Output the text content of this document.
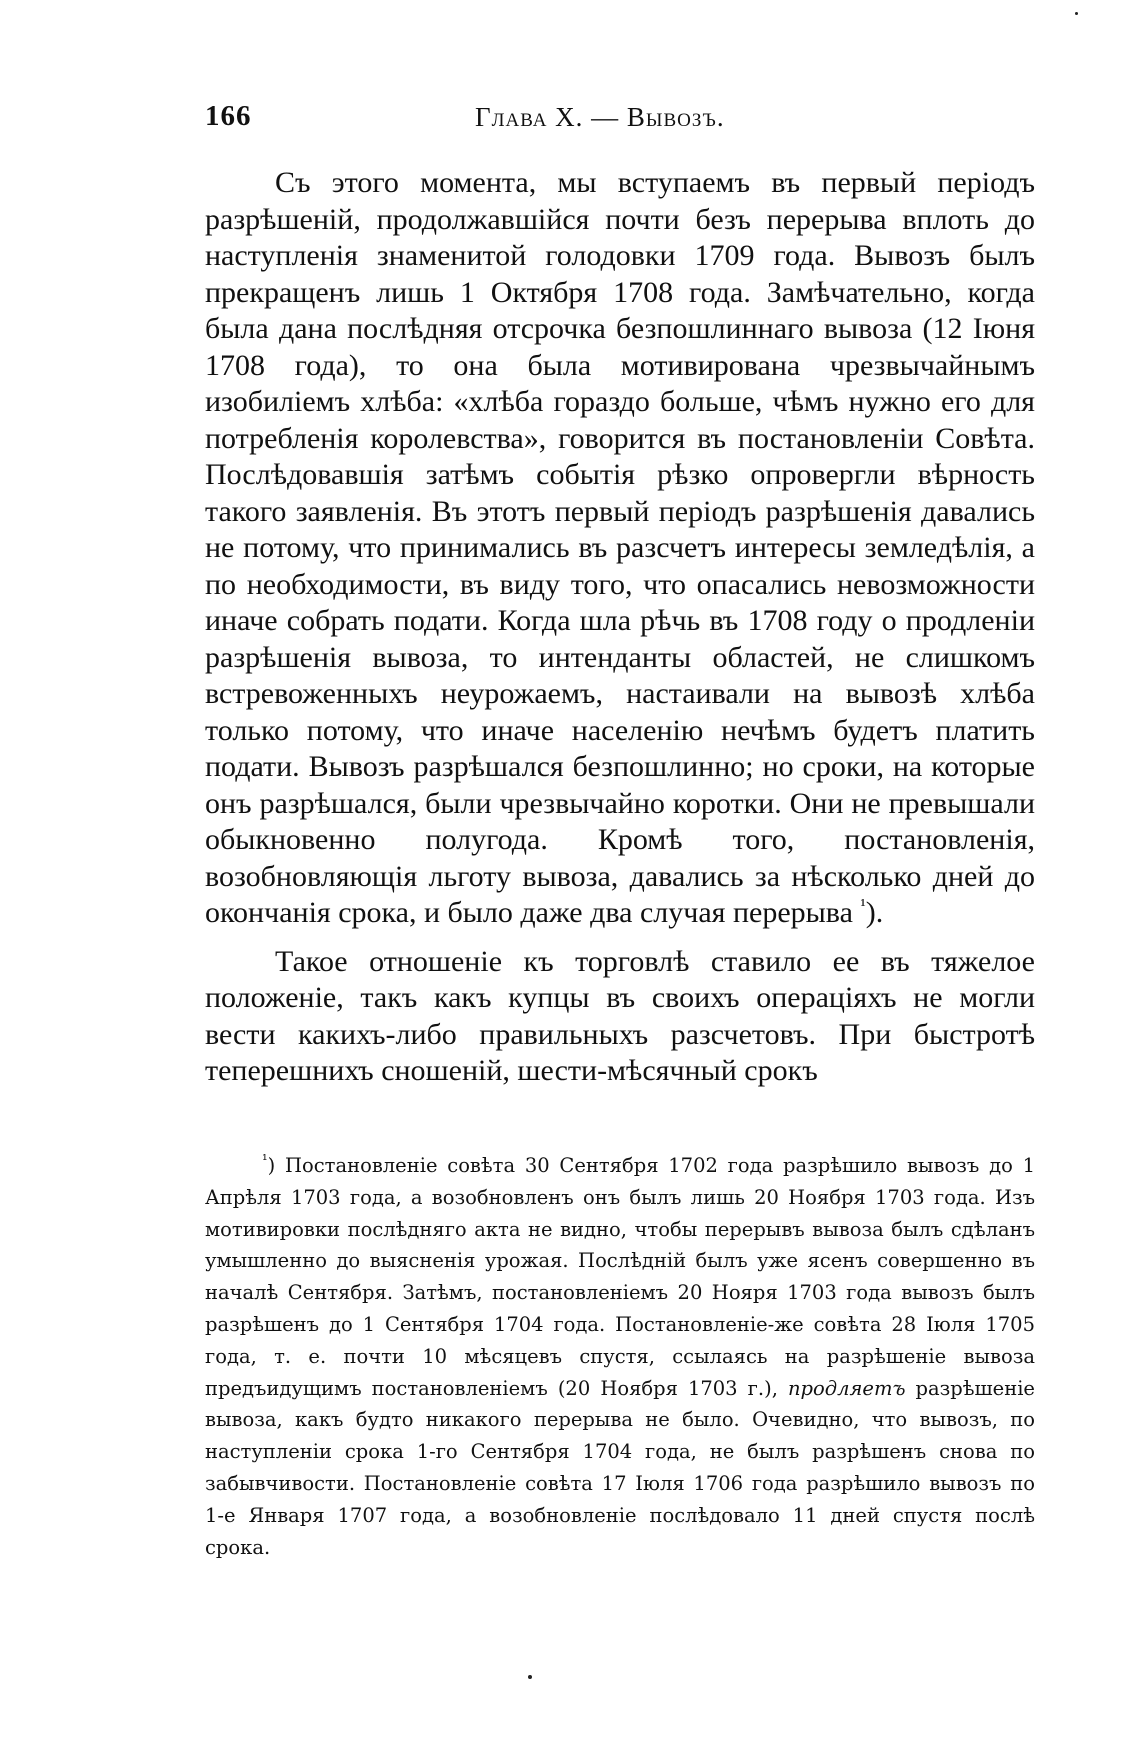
166	Глава X. — Вывозъ.

Съ этого момента, мы вступаемъ въ первый періодъ разрѣшеній, продолжавшійся почти безъ перерыва вплоть до наступленія знаменитой голодовки 1709 года. Вывозъ былъ прекращенъ лишь 1 Октября 1708 года. Замѣчательно, когда была дана послѣдняя отсрочка безпошлиннаго вывоза (12 Іюня 1708 года), то она была мотивирована чрезвычайнымъ изобиліемъ хлѣба: «хлѣба гораздо больше, чѣмъ нужно его для потребленія королевства», говорится въ постановленіи Совѣта. Послѣдовавшія затѣмъ событія рѣзко опровергли вѣрность такого заявленія. Въ этотъ первый періодъ разрѣшенія давались не потому, что принимались въ разсчетъ интересы земледѣлія, а по необходимости, въ виду того, что опасались невозможности иначе собрать подати. Когда шла рѣчь въ 1708 году о продленіи разрѣшенія вывоза, то интенданты областей, не слишкомъ встревоженныхъ неурожаемъ, настаивали на вывозѣ хлѣба только потому, что иначе населенію нечѣмъ будетъ платить подати. Вывозъ разрѣшался безпошлинно; но сроки, на которые онъ разрѣшался, были чрезвычайно коротки. Они не превышали обыкновенно полугода. Кромѣ того, постановленія, возобновляющія льготу вывоза, давались за нѣсколько дней до окончанія срока, и было даже два случая перерыва $^{^1}$).

Такое отношеніе къ торговлѣ ставило ее въ тяжелое положеніе, такъ какъ купцы въ своихъ операціяхъ не могли вести какихъ-либо правильныхъ разсчетовъ. При быстротѣ теперешнихъ сношеній, шести-мѣсячный срокъ

$^{^1}$) Постановленіе совѣта 30 Сентября 1702 года разрѣшило вывозъ до 1 Апрѣля 1703 года, а возобновленъ онъ былъ лишь 20 Ноября 1703 года. Изъ мотивировки послѣдняго акта не видно, чтобы перерывъ вывоза былъ сдѣланъ умышленно до выясненія урожая. Послѣдній былъ уже ясенъ совершенно въ началѣ Сентября. Затѣмъ, постановленіемъ 20 Нояря 1703 года вывозъ былъ разрѣшенъ до 1 Сентября 1704 года. Постановленіе-же совѣта 28 Іюля 1705 года, т. е. почти 10 мѣсяцевъ спустя, ссылаясь на разрѣшеніе вывоза предъидущимъ постановленіемъ (20 Ноября 1703 г.), продляетъ разрѣшеніе вывоза, какъ будто никакого перерыва не было. Очевидно, что вывозъ, по наступленіи срока 1-го Сентября 1704 года, не былъ разрѣшенъ снова по забывчивости. Постановленіе совѣта 17 Іюля 1706 года разрѣшило вывозъ по 1-е Января 1707 года, а возобновленіе послѣдовало 11 дней спустя послѣ срока.
